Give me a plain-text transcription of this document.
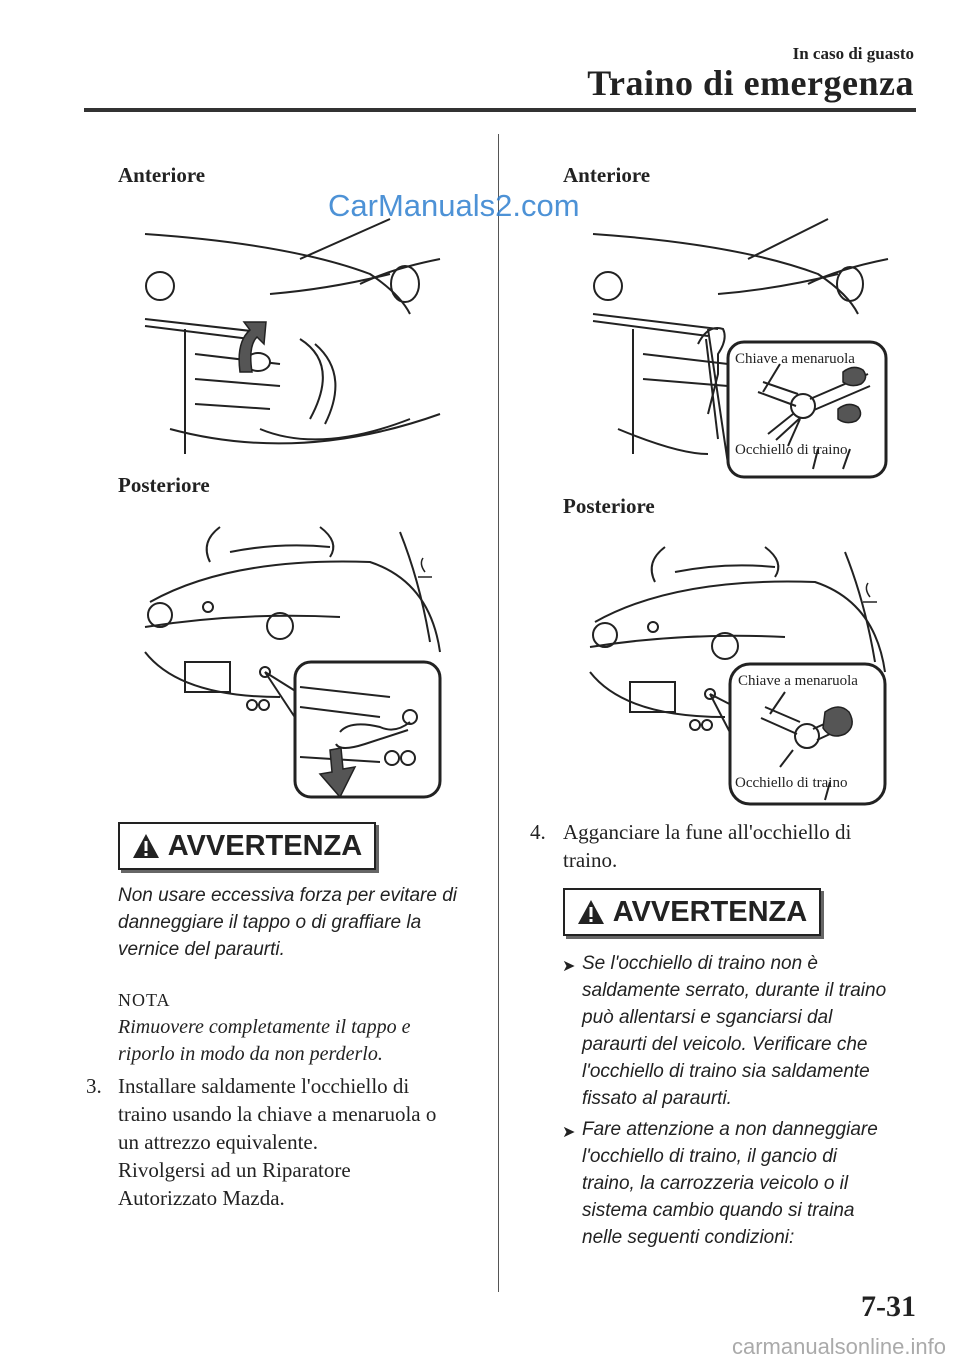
In caso di guasto
Traino di emergenza
Anteriore
Posteriore
AVVERTENZA
Non usare eccessiva forza per evitare di
danneggiare il tappo o di graffiare la
vernice del paraurti.
NOTA
Rimuovere completamente il tappo e
riporlo in modo da non perderlo.
3. Installare saldamente l'occhiello di
traino usando la chiave a menaruola o
un attrezzo equivalente.
Rivolgersi ad un Riparatore
Autorizzato Mazda.
Anteriore
Chiave a menaruola
Occhiello di traino
Posteriore
Chiave a menaruola
Occhiello di traino
4. Agganciare la fune all'occhiello di
traino.
AVVERTENZA
➤ Se l'occhiello di traino non è
saldamente serrato, durante il traino
può allentarsi e sganciarsi dal
paraurti del veicolo. Verificare che
l'occhiello di traino sia saldamente
fissato al paraurti.
➤ Fare attenzione a non danneggiare
l'occhiello di traino, il gancio di
traino, la carrozzeria veicolo o il
sistema cambio quando si traina
nelle seguenti condizioni:
CarManuals2.com
7-31
carmanualsonline.info
